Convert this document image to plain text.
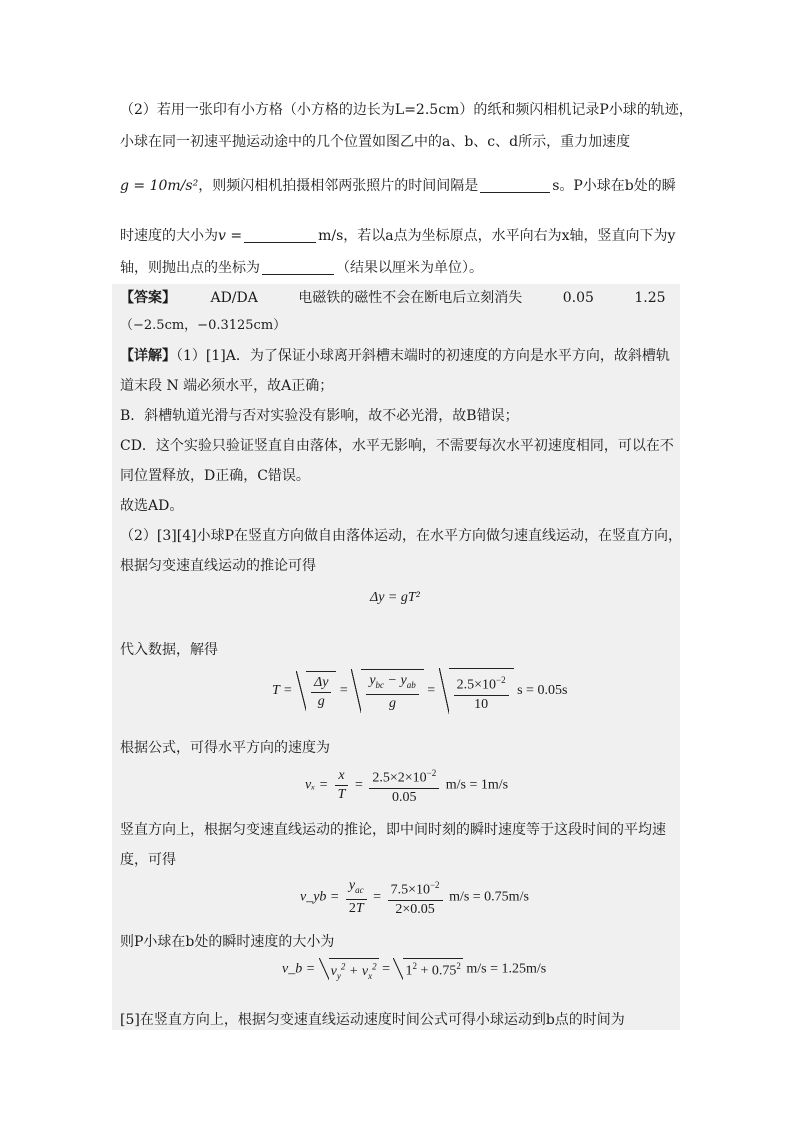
（2）若用一张印有小方格（小方格的边长为L=2.5cm）的纸和频闪相机记录P小球的轨迹，
小球在同一初速平抛运动途中的几个位置如图乙中的a、b、c、d所示，重力加速度
g = 10m/s²，则频闪相机拍摄相邻两张照片的时间间隔是	s。P小球在b处的瞬
时速度的大小为v =	m/s，若以a点为坐标原点，水平向右为x轴，竖直向下为y
轴，则抛出点的坐标为	（结果以厘米为单位）。
【答案】 AD/DA	电磁铁的磁性不会在断电后立刻消失	0.05	1.25
（−2.5cm，−0.3125cm）
【详解】（1）[1]A．为了保证小球离开斜槽末端时的初速度的方向是水平方向，故斜槽轨
道末段 N 端必须水平，故A正确；
B．斜槽轨道光滑与否对实验没有影响，故不必光滑，故B错误；
CD．这个实验只验证竖直自由落体，水平无影响，不需要每次水平初速度相同，可以在不
同位置释放，D正确，C错误。
故选AD。
（2）[3][4]小球P在竖直方向做自由落体运动，在水平方向做匀速直线运动，在竖直方向，
根据匀变速直线运动的推论可得
Δy = gT²
代入数据，解得
$T = \frac{\Delta y}{g} = \frac{y_{bc} - y_{ab}}{g} = \frac{2.5\times 10^{-2}}{10}$ s = 0.05s
根据公式，可得水平方向的速度为
$v_x = \frac{x}{T} = \frac{2.5\times 2\times 10^{-2}}{0.05} m/s = 1m/s$
竖直方向上，根据匀变速直线运动的推论，即中间时刻的瞬时速度等于这段时间的平均速
度，可得
v_yb = $\frac{y_{ac}}{2T} = \frac{7.5\times 10^{-2}}{2\times 0.05} m/s = 0.75m/s$
则P小球在b处的瞬时速度的大小为
v_b = $v_y^2 + v_x^2 = 1^2 + 0.75^2$ m/s = 1.25m/s
[5]在竖直方向上，根据匀变速直线运动速度时间公式可得小球运动到b点的时间为
